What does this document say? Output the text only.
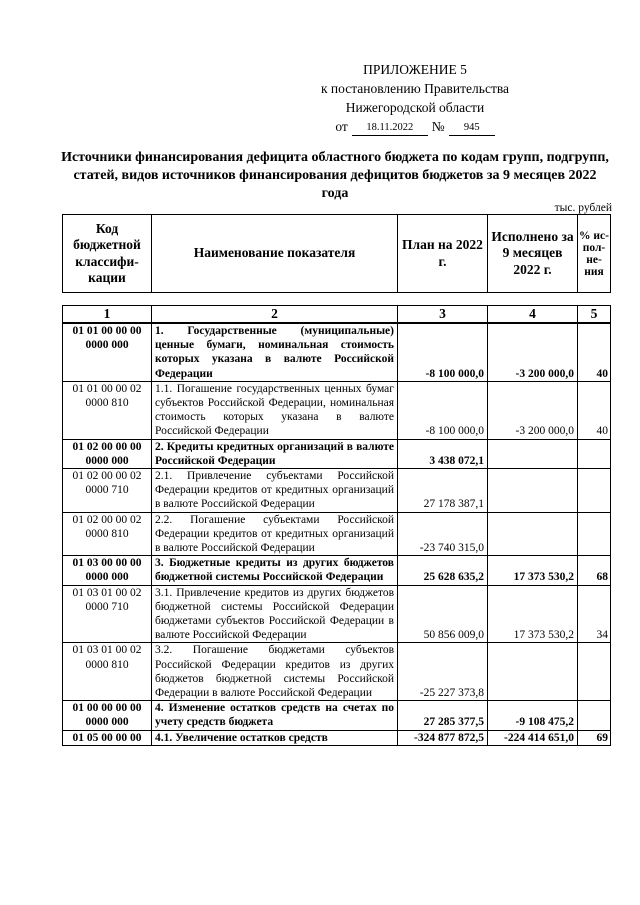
ПРИЛОЖЕНИЕ 5
к постановлению Правительства
Нижегородской области
от	18.11.2022	№	945
Источники финансирования дефицита областного бюджета по кодам групп, подгрупп, статей, видов источников финансирования дефицитов бюджетов за 9 месяцев 2022 года
тыс. рублей
Код бюджетной классифи-кации	Наименование показателя	План на 2022 г.	Исполнено за 9 месяцев 2022 г.	% ис-пол-не-ния
1	2	3	4	5
01 01 00 00 00 0000 000	1. Государственные (муниципальные) ценные бумаги, номинальная стоимость которых указана в валюте Российской Федерации	-8 100 000,0	-3 200 000,0	40
01 01 00 00 02 0000 810	1.1. Погашение государственных ценных бумаг субъектов Российской Федерации, номинальная стоимость которых указана в валюте Российской Федерации	-8 100 000,0	-3 200 000,0	40
01 02 00 00 00 0000 000	2. Кредиты кредитных организаций в валюте Российской Федерации	3 438 072,1		
01 02 00 00 02 0000 710	2.1. Привлечение субъектами Российской Федерации кредитов от кредитных организаций в валюте Российской Федерации	27 178 387,1		
01 02 00 00 02 0000 810	2.2. Погашение субъектами Российской Федерации кредитов от кредитных организаций в валюте Российской Федерации	-23 740 315,0		
01 03 00 00 00 0000 000	3. Бюджетные кредиты из других бюджетов бюджетной системы Российской Федерации	25 628 635,2	17 373 530,2	68
01 03 01 00 02 0000 710	3.1. Привлечение кредитов из других бюджетов бюджетной системы Российской Федерации бюджетами субъектов Российской Федерации в валюте Российской Федерации	50 856 009,0	17 373 530,2	34
01 03 01 00 02 0000 810	3.2. Погашение бюджетами субъектов Российской Федерации кредитов из других бюджетов бюджетной системы Российской Федерации в валюте Российской Федерации	-25 227 373,8		
01 00 00 00 00 0000 000	4. Изменение остатков средств на счетах по учету средств бюджета	27 285 377,5	-9 108 475,2	
01 05 00 00 00	4.1. Увеличение остатков средств	-324 877 872,5	-224 414 651,0	69
